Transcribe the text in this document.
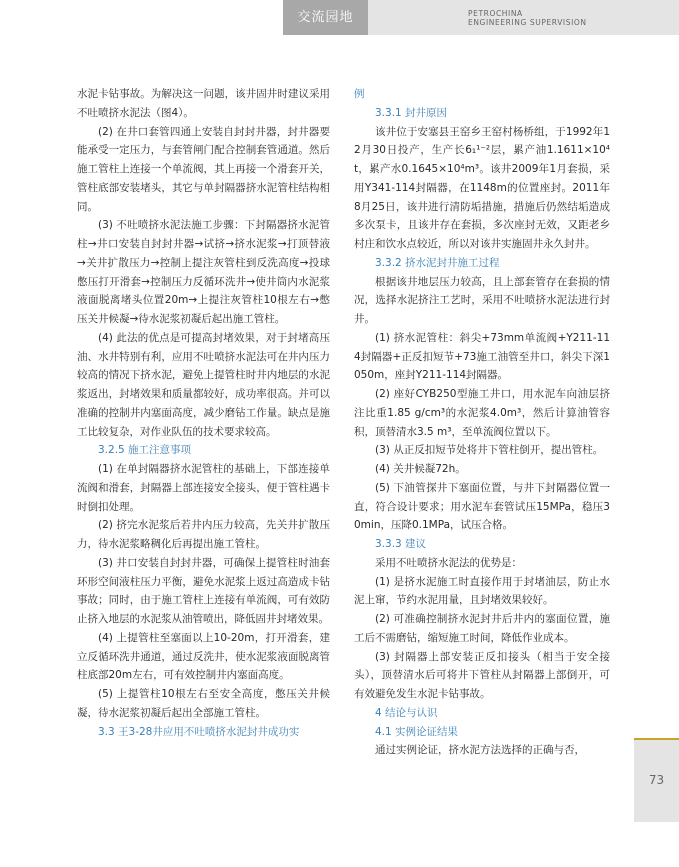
交流园地	PETROCHINA
ENGINEERING SUPERVISION

水泥卡钻事故。为解决这一问题，该井固井时建议采用不吐喷挤水泥法（图4）。

(2) 在井口套管四通上安装自封封井器，封井器要能承受一定压力，与套管闸门配合控制套管通道。然后施工管柱上连接一个单流阀，其上再接一个滑套开关，管柱底部安装堵头，其它与单封隔器挤水泥管柱结构相同。

(3) 不吐喷挤水泥法施工步骤：下封隔器挤水泥管柱→井口安装自封封井器→试挤→挤水泥浆→打顶替液→关井扩散压力→控制上提注灰管柱到反洗高度→投球憋压打开滑套→控制压力反循环洗井→使井筒内水泥浆液面脱离堵头位置20m→上提注灰管柱10根左右→憋压关井候凝→待水泥浆初凝后起出施工管柱。

(4) 此法的优点是可提高封堵效果，对于封堵高压油、水井特别有利，应用不吐喷挤水泥法可在井内压力较高的情况下挤水泥，避免上提管柱时井内地层的水泥浆返出，封堵效果和质量都较好，成功率很高。并可以准确的控制井内塞面高度，减少磨钻工作量。缺点是施工比较复杂，对作业队伍的技术要求较高。

3.2.5 施工注意事项

(1) 在单封隔器挤水泥管柱的基础上，下部连接单流阀和滑套，封隔器上部连接安全接头，便于管柱遇卡时倒扣处理。

(2) 挤完水泥浆后若井内压力较高，先关井扩散压力，待水泥浆略稠化后再提出施工管柱。

(3) 井口安装自封封井器，可确保上提管柱时油套环形空间液柱压力平衡，避免水泥浆上返过高造成卡钻事故；同时，由于施工管柱上连接有单流阀，可有效防止挤入地层的水泥浆从油管喷出，降低固井封堵效果。

(4) 上提管柱至塞面以上10-20m，打开滑套，建立反循环洗井通道，通过反洗井，使水泥浆液面脱离管柱底部20m左右，可有效控制井内塞面高度。

(5) 上提管柱10根左右至安全高度，憋压关井候凝，待水泥浆初凝后起出全部施工管柱。

3.3 王3-28井应用不吐喷挤水泥封井成功实
例
3.3.1 封井原因

该井位于安塞县王窑乡王窑村杨桥组，于1992年12月30日投产，生产长6₁¹⁻²层，累产油1.1611×10⁴t，累产水0.1645×10⁴m³。该井2009年1月套损，采用Y341-114封隔器，在1148m的位置座封。2011年8月25日，该井进行清防垢措施，措施后仍然结垢造成多次泵卡，且该井存在套损，多次座封无效，又距老乡村庄和饮水点较近，所以对该井实施固井永久封井。

3.3.2 挤水泥封井施工过程

根据该井地层压力较高，且上部套管存在套损的情况，选择水泥挤注工艺时，采用不吐喷挤水泥法进行封井。

(1) 挤水泥管柱：斜尖+73mm单流阀+Y211-114封隔器+正反扣短节+73施工油管至井口，斜尖下深1050m，座封Y211-114封隔器。

(2) 座好CYB250型施工井口，用水泥车向油层挤注比重1.85 g/cm³的水泥浆4.0m³，然后计算油管容积，顶替清水3.5 m³，至单流阀位置以下。

(3) 从正反扣短节处将井下管柱倒开，提出管柱。

(4) 关井候凝72h。

(5) 下油管探井下塞面位置，与井下封隔器位置一直，符合设计要求；用水泥车套管试压15MPa，稳压30min，压降0.1MPa，试压合格。

3.3.3 建议

采用不吐喷挤水泥法的优势是：

(1) 是挤水泥施工时直接作用于封堵油层，防止水泥上窜，节约水泥用量，且封堵效果较好。

(2) 可准确控制挤水泥封井后井内的塞面位置，施工后不需磨钻，缩短施工时间，降低作业成本。

(3) 封隔器上部安装正反扣接头（相当于安全接头），顶替清水后可将井下管柱从封隔器上部倒开，可有效避免发生水泥卡钻事故。

4 结论与认识
4.1 实例论证结果

通过实例论证，挤水泥方法选择的正确与否，

73
